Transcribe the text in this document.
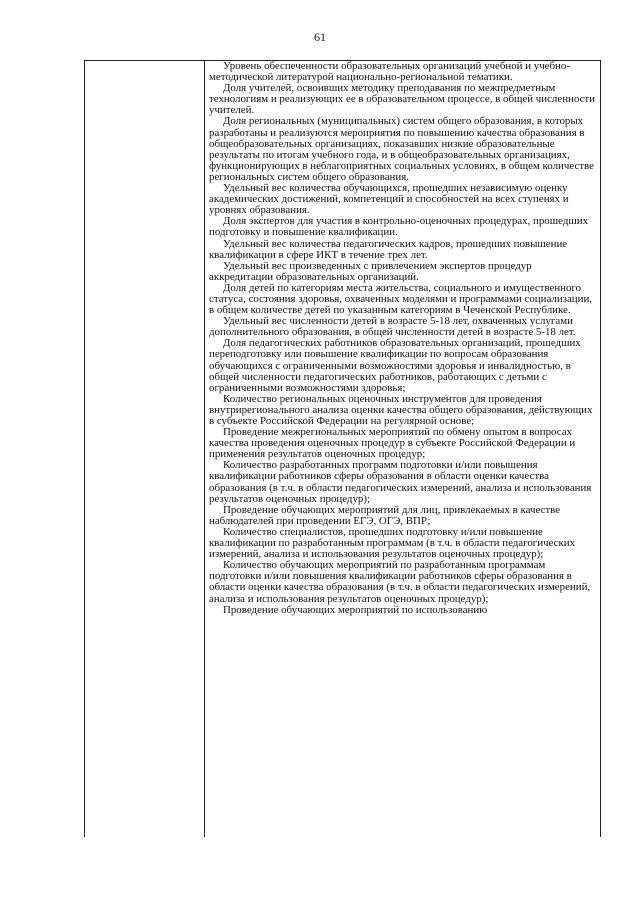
61

Уровень обеспеченности образовательных организаций учебной и учебно-методической литературой национально-региональной тематики.

Доля учителей, освоивших методику преподавания по межпредметным технологиям и реализующих ее в образовательном процессе, в общей численности учителей.

Доля региональных (муниципальных) систем общего образования, в которых разработаны и реализуются мероприятия по повышению качества образования в общеобразовательных организациях, показавших низкие образовательные результаты по итогам учебного года, и в общеобразовательных организациях, функционирующих в неблагоприятных социальных условиях, в общем количестве региональных систем общего образования.

Удельный вес количества обучающихся, прошедших независимую оценку академических достижений, компетенций и способностей на всех ступенях и уровнях образования.

Доля экспертов для участия в контрольно-оценочных процедурах, прошедших подготовку и повышение квалификации.

Удельный вес количества педагогических кадров, прошедших повышение квалификации в сфере ИКТ в течение трех лет.

Удельный вес произведенных с привлечением экспертов процедур аккредитации образовательных организаций.

Доля детей по категориям места жительства, социального и имущественного статуса, состояния здоровья, охваченных моделями и программами социализации, в общем количестве детей по указанным категориям в Чеченской Республике.

Удельный вес численности детей в возрасте 5-18 лет, охваченных услугами дополнительного образования, в общей численности детей в возрасте 5-18 лет.

Доля педагогических работников образовательных организаций, прошедших переподготовку или повышение квалификации по вопросам образования обучающихся с ограниченными возможностями здоровья и инвалидностью, в общей численности педагогических работников, работающих с детьми с ограниченными возможностями здоровья;

Количество региональных оценочных инструментов для проведения внутрирегионального анализа оценки качества общего образования, действующих в субъекте Российской Федерации на регулярной основе;

Проведение межрегиональных мероприятий по обмену опытом в вопросах качества проведения оценочных процедур в субъекте Российской Федерации и применения результатов оценочных процедур;

Количество разработанных программ подготовки и/или повышения квалификации работников сферы образования в области оценки качества образования (в т.ч. в области педагогических измерений, анализа и использования результатов оценочных процедур);

Проведение обучающих мероприятий для лиц, привлекаемых в качестве наблюдателей при проведении ЕГЭ, ОГЭ, ВПР;

Количество специалистов, прошедших подготовку и/или повышение квалификации по разработанным программам (в т.ч. в области педагогических измерений, анализа и использования результатов оценочных процедур);

Количество обучающих мероприятий по разработанным программам подготовки и/или повышения квалификации работников сферы образования в области оценки качества образования (в т.ч. в области педагогических измерений, анализа и использования результатов оценочных процедур);

Проведение обучающих мероприятий по использованию
